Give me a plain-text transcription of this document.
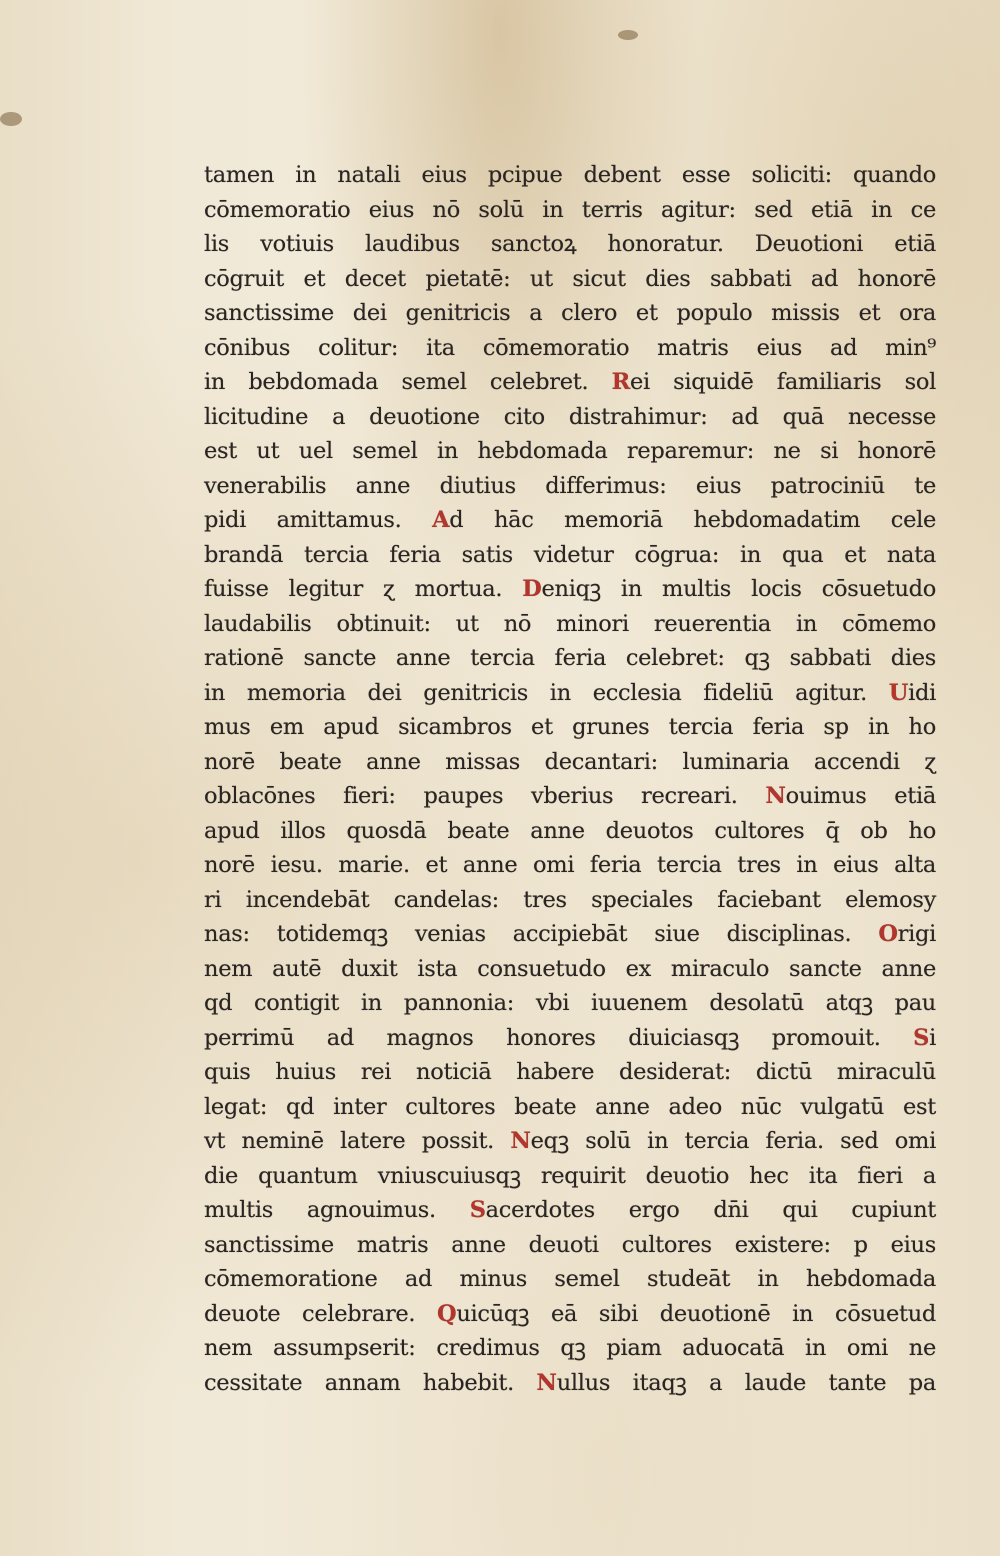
tamen in natali eius pcipue debent esse soliciti: quando
cōmemoratio eius nō solū in terris agitur: sed etiā in ce
lis votiuis laudibus sanctoꝝ honoratur. Deuotioni etiā
cōgruit et decet pietatē: ut sicut dies sabbati ad honorē
sanctissime dei genitricis a clero et populo missis et ora
cōnibus colitur: ita cōmemoratio matris eius ad min⁹
in bebdomada semel celebret. Rei siquidē familiaris sol
licitudine a deuotione cito distrahimur: ad quā necesse
est ut uel semel in hebdomada reparemur: ne si honorē
venerabilis anne diutius differimus: eius patrociniū te
pidi amittamus. Ad hāc memoriā hebdomadatim cele
brandā tercia feria satis videtur cōgrua: in qua et nata
fuisse legitur ɀ mortua. Deniqꝫ in multis locis cōsuetudo
laudabilis obtinuit: ut nō minori reuerentia in cōmemo
rationē sancte anne tercia feria celebret: qꝫ sabbati dies
in memoria dei genitricis in ecclesia fideliū agitur. Uidi
mus em apud sicambros et grunes tercia feria sp in ho
norē beate anne missas decantari: luminaria accendi ɀ
oblacōnes fieri: paupes vberius recreari. Nouimus etiā
apud illos quosdā beate anne deuotos cultores q̄ ob ho
norē iesu. marie. et anne omi feria tercia tres in eius alta
ri incendebāt candelas: tres speciales faciebant elemosy
nas: totidemqꝫ venias accipiebāt siue disciplinas. Origi
nem autē duxit ista consuetudo ex miraculo sancte anne
qd contigit in pannonia: vbi iuuenem desolatū atqꝫ pau
perrimū ad magnos honores diuiciasqꝫ promouit. Si
quis huius rei noticiā habere desiderat: dictū miraculū
legat: qd inter cultores beate anne adeo nūc vulgatū est
vt neminē latere possit. Neqꝫ solū in tercia feria. sed omi
die quantum vniuscuiusqꝫ requirit deuotio hec ita fieri a
multis agnouimus. Sacerdotes ergo dn̄i qui cupiunt
sanctissime matris anne deuoti cultores existere: p eius
cōmemoratione ad minus semel studeāt in hebdomada
deuote celebrare. Quicūqꝫ eā sibi deuotionē in cōsuetud
nem assumpserit: credimus qꝫ piam aduocatā in omi ne
cessitate annam habebit. Nullus itaqꝫ a laude tante pa
